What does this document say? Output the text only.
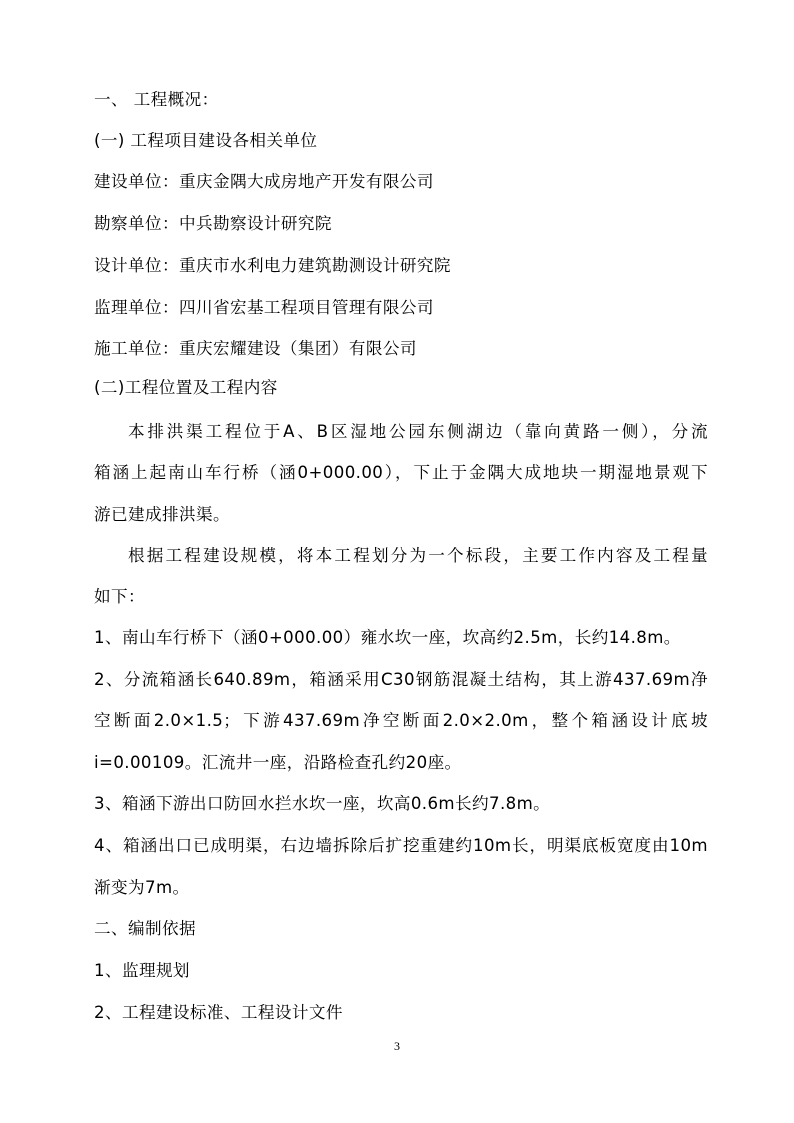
一、 工程概况：
(一) 工程项目建设各相关单位
建设单位：重庆金隅大成房地产开发有限公司
勘察单位：中兵勘察设计研究院
设计单位：重庆市水利电力建筑勘测设计研究院
监理单位：四川省宏基工程项目管理有限公司
施工单位：重庆宏耀建设（集团）有限公司
(二)工程位置及工程内容
本排洪渠工程位于A、B区湿地公园东侧湖边（靠向黄路一侧），分流
箱涵上起南山车行桥（涵0+000.00），下止于金隅大成地块一期湿地景观下
游已建成排洪渠。
根据工程建设规模，将本工程划分为一个标段，主要工作内容及工程量
如下：
1、南山车行桥下（涵0+000.00）雍水坎一座，坎高约2.5m，长约14.8m。
2、分流箱涵长640.89m，箱涵采用C30钢筋混凝土结构，其上游437.69m净
空断面2.0×1.5；下游437.69m净空断面2.0×2.0m，整个箱涵设计底坡
i=0.00109。汇流井一座，沿路检查孔约20座。
3、箱涵下游出口防回水拦水坎一座，坎高0.6m长约7.8m。
4、箱涵出口已成明渠，右边墙拆除后扩挖重建约10m长，明渠底板宽度由10m
渐变为7m。
二、编制依据
1、监理规划
2、工程建设标准、工程设计文件
3
